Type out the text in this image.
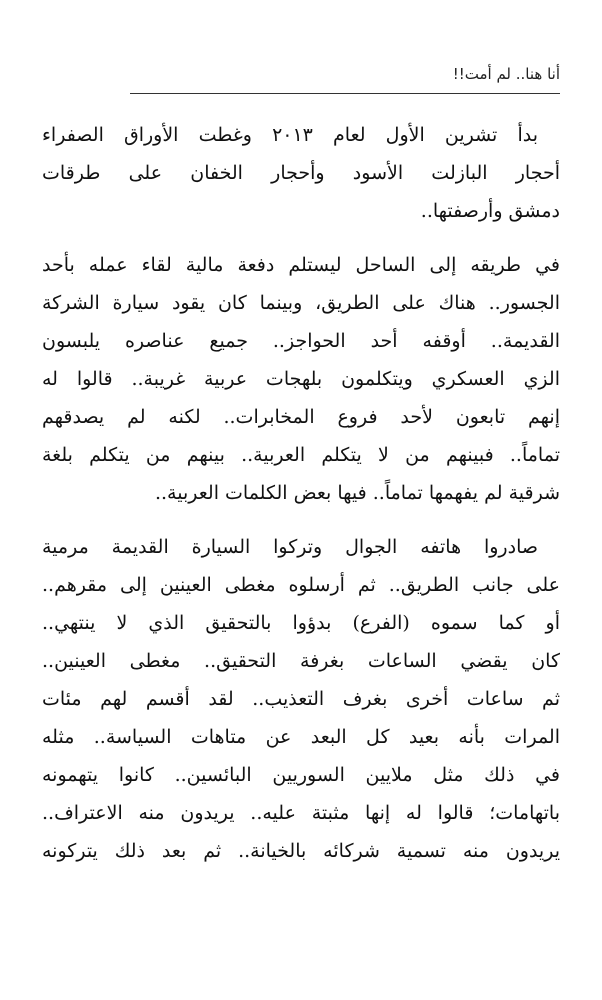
أنا هنا.. لم أمت!!

بدأ تشرين الأول لعام ٢٠١٣ وغطت الأوراق الصفراء
أحجار البازلت الأسود وأحجار الخفان على طرقات
دمشق وأرصفتها..

في طريقه إلى الساحل ليستلم دفعة مالية لقاء عمله بأحد
الجسور.. هناك على الطريق، وبينما كان يقود سيارة الشركة
القديمة.. أوقفه أحد الحواجز.. جميع عناصره يلبسون
الزي العسكري ويتكلمون بلهجات عربية غريبة.. قالوا له
إنهم تابعون لأحد فروع المخابرات.. لكنه لم يصدقهم
تماماً.. فبينهم من لا يتكلم العربية.. بينهم من يتكلم بلغة
شرقية لم يفهمها تماماً.. فيها بعض الكلمات العربية..

صادروا هاتفه الجوال وتركوا السيارة القديمة مرمية
على جانب الطريق.. ثم أرسلوه مغطى العينين إلى مقرهم..
أو كما سموه (الفرع) بدؤوا بالتحقيق الذي لا ينتهي..
كان يقضي الساعات بغرفة التحقيق.. مغطى العينين..
ثم ساعات أخرى بغرف التعذيب.. لقد أقسم لهم مئات
المرات بأنه بعيد كل البعد عن متاهات السياسة.. مثله
في ذلك مثل ملايين السوريين البائسين.. كانوا يتهمونه
باتهامات؛ قالوا له إنها مثبتة عليه.. يريدون منه الاعتراف..
يريدون منه تسمية شركائه بالخيانة.. ثم بعد ذلك يتركونه
